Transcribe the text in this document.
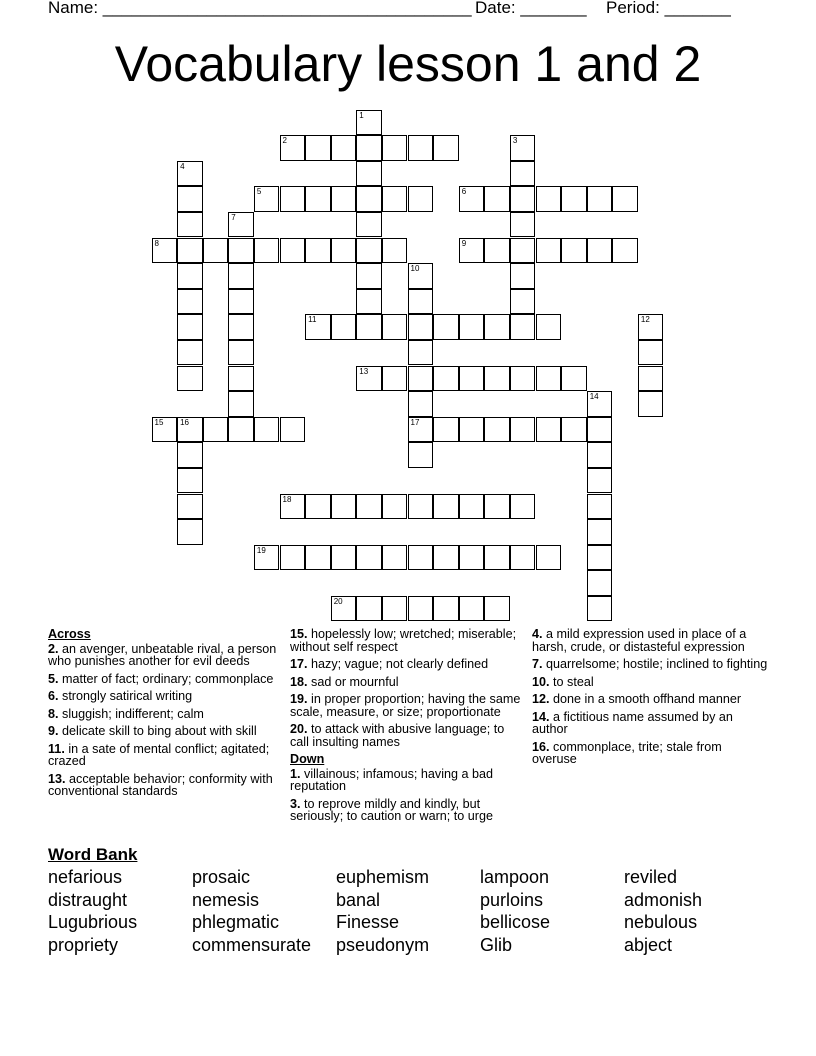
Name: _______________________________________ Date: _______ Period: _______
Vocabulary lesson 1 and 2
1
2	3
4
5	6
7
8	9
10
17
11	12
13
14
15 16
18
19
20
Across
2. an avenger, unbeatable rival, a person who punishes another for evil deeds
5. matter of fact; ordinary; commonplace
6. strongly satirical writing
8. sluggish; indifferent; calm
9. delicate skill to bing about with skill
11. in a sate of mental conflict; agitated; crazed
13. acceptable behavior; conformity with conventional standards
15. hopelessly low; wretched; miserable; without self respect
17. hazy; vague; not clearly defined
18. sad or mournful
19. in proper proportion; having the same scale, measure, or size; proportionate
20. to attack with abusive language; to call insulting names
Down
1. villainous; infamous; having a bad reputation
3. to reprove mildly and kindly, but seriously; to caution or warn; to urge
4. a mild expression used in place of a harsh, crude, or distasteful expression
7. quarrelsome; hostile; inclined to fighting
10. to steal
12. done in a smooth offhand manner
14. a fictitious name assumed by an author
16. commonplace, trite; stale from overuse
Word Bank
nefarious
distraught
Lugubrious
propriety
prosaic
nemesis
phlegmatic
commensurate
euphemism
banal
Finesse
pseudonym
lampoon
purloins
bellicose
Glib
reviled
admonish
nebulous
abject
